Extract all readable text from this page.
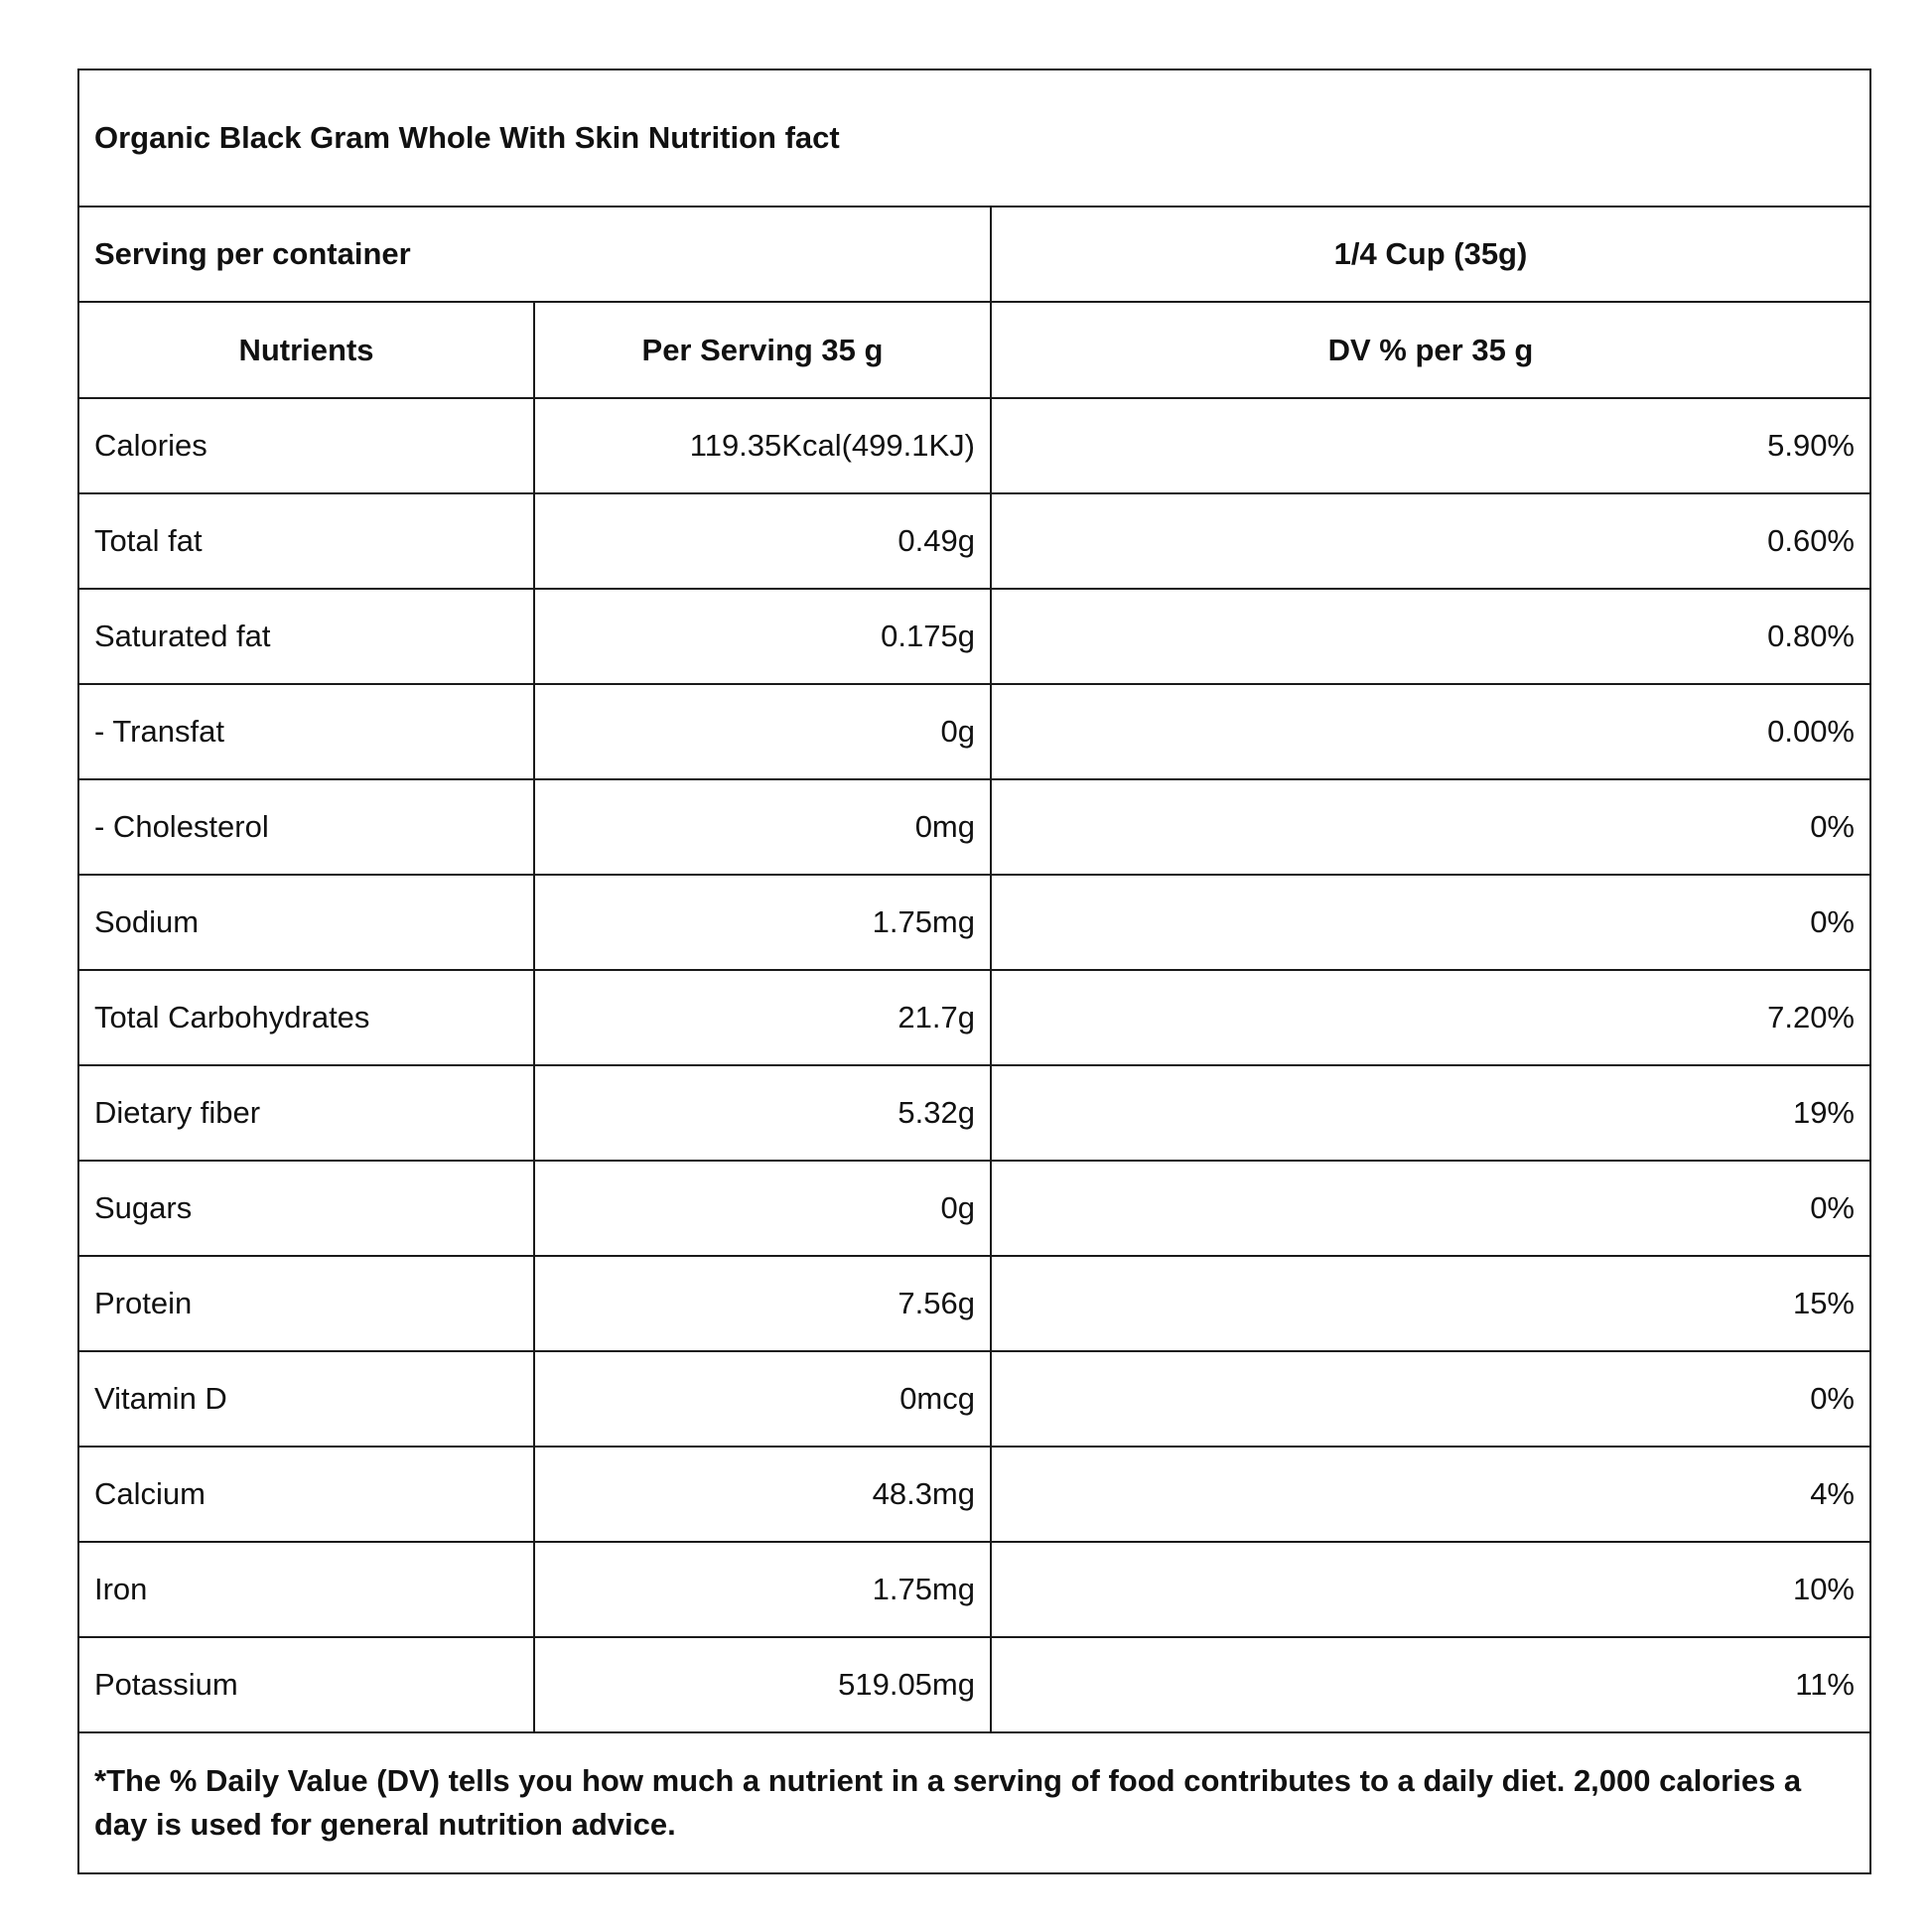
Organic Black Gram Whole With Skin Nutrition fact		
Serving per container		1/4 Cup (35g)
Nutrients	Per Serving 35 g	DV % per 35 g
Calories	119.35Kcal(499.1KJ)	5.90%
Total fat	0.49g	0.60%
Saturated fat	0.175g	0.80%
- Transfat	0g	0.00%
- Cholesterol	0mg	0%
Sodium	1.75mg	0%
Total Carbohydrates	21.7g	7.20%
Dietary fiber	5.32g	19%
Sugars	0g	0%
Protein	7.56g	15%
Vitamin D	0mcg	0%
Calcium	48.3mg	4%
Iron	1.75mg	10%
Potassium	519.05mg	11%
*The % Daily Value (DV) tells you how much a nutrient in a serving of food contributes to a daily diet. 2,000 calories a day is used for general nutrition advice.		
